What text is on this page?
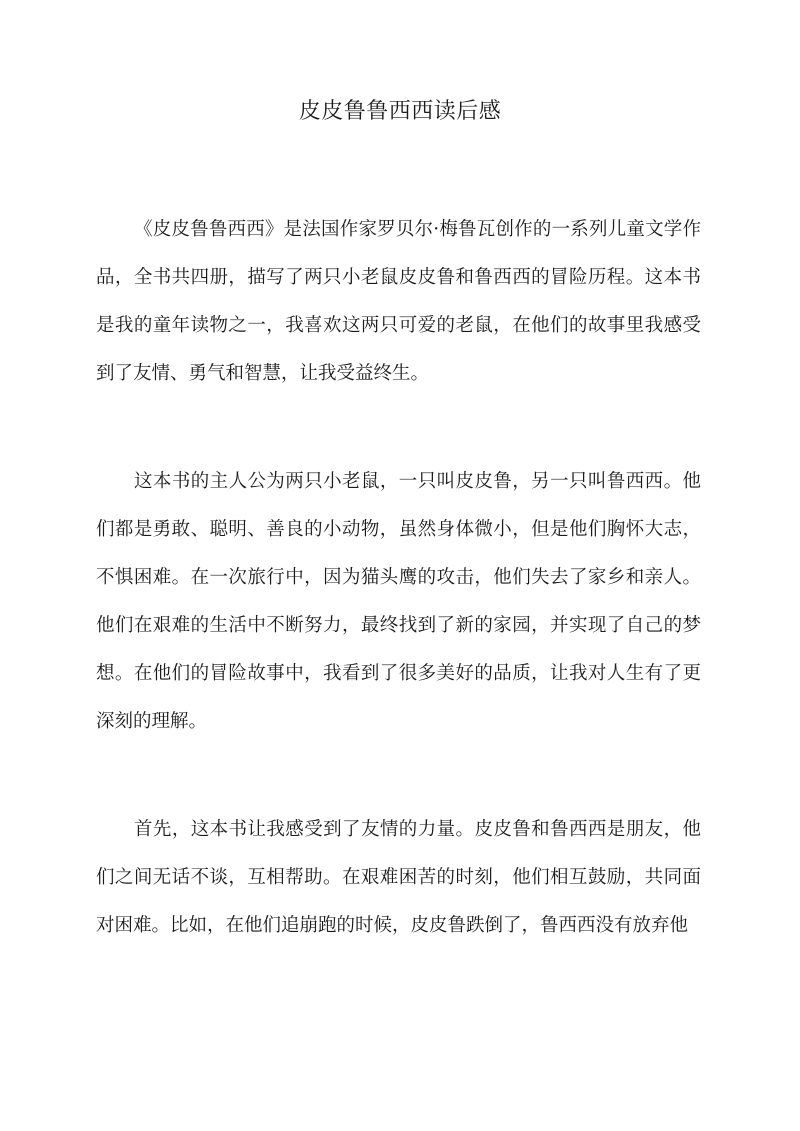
皮皮鲁鲁西西读后感

《皮皮鲁鲁西西》是法国作家罗贝尔·梅鲁瓦创作的一系列儿童文学作品，全书共四册，描写了两只小老鼠皮皮鲁和鲁西西的冒险历程。这本书是我的童年读物之一，我喜欢这两只可爱的老鼠，在他们的故事里我感受到了友情、勇气和智慧，让我受益终生。

这本书的主人公为两只小老鼠，一只叫皮皮鲁，另一只叫鲁西西。他们都是勇敢、聪明、善良的小动物，虽然身体微小，但是他们胸怀大志，不惧困难。在一次旅行中，因为猫头鹰的攻击，他们失去了家乡和亲人。他们在艰难的生活中不断努力，最终找到了新的家园，并实现了自己的梦想。在他们的冒险故事中，我看到了很多美好的品质，让我对人生有了更深刻的理解。

首先，这本书让我感受到了友情的力量。皮皮鲁和鲁西西是朋友，他们之间无话不谈，互相帮助。在艰难困苦的时刻，他们相互鼓励，共同面对困难。比如，在他们追崩跑的时候，皮皮鲁跌倒了，鲁西西没有放弃他
